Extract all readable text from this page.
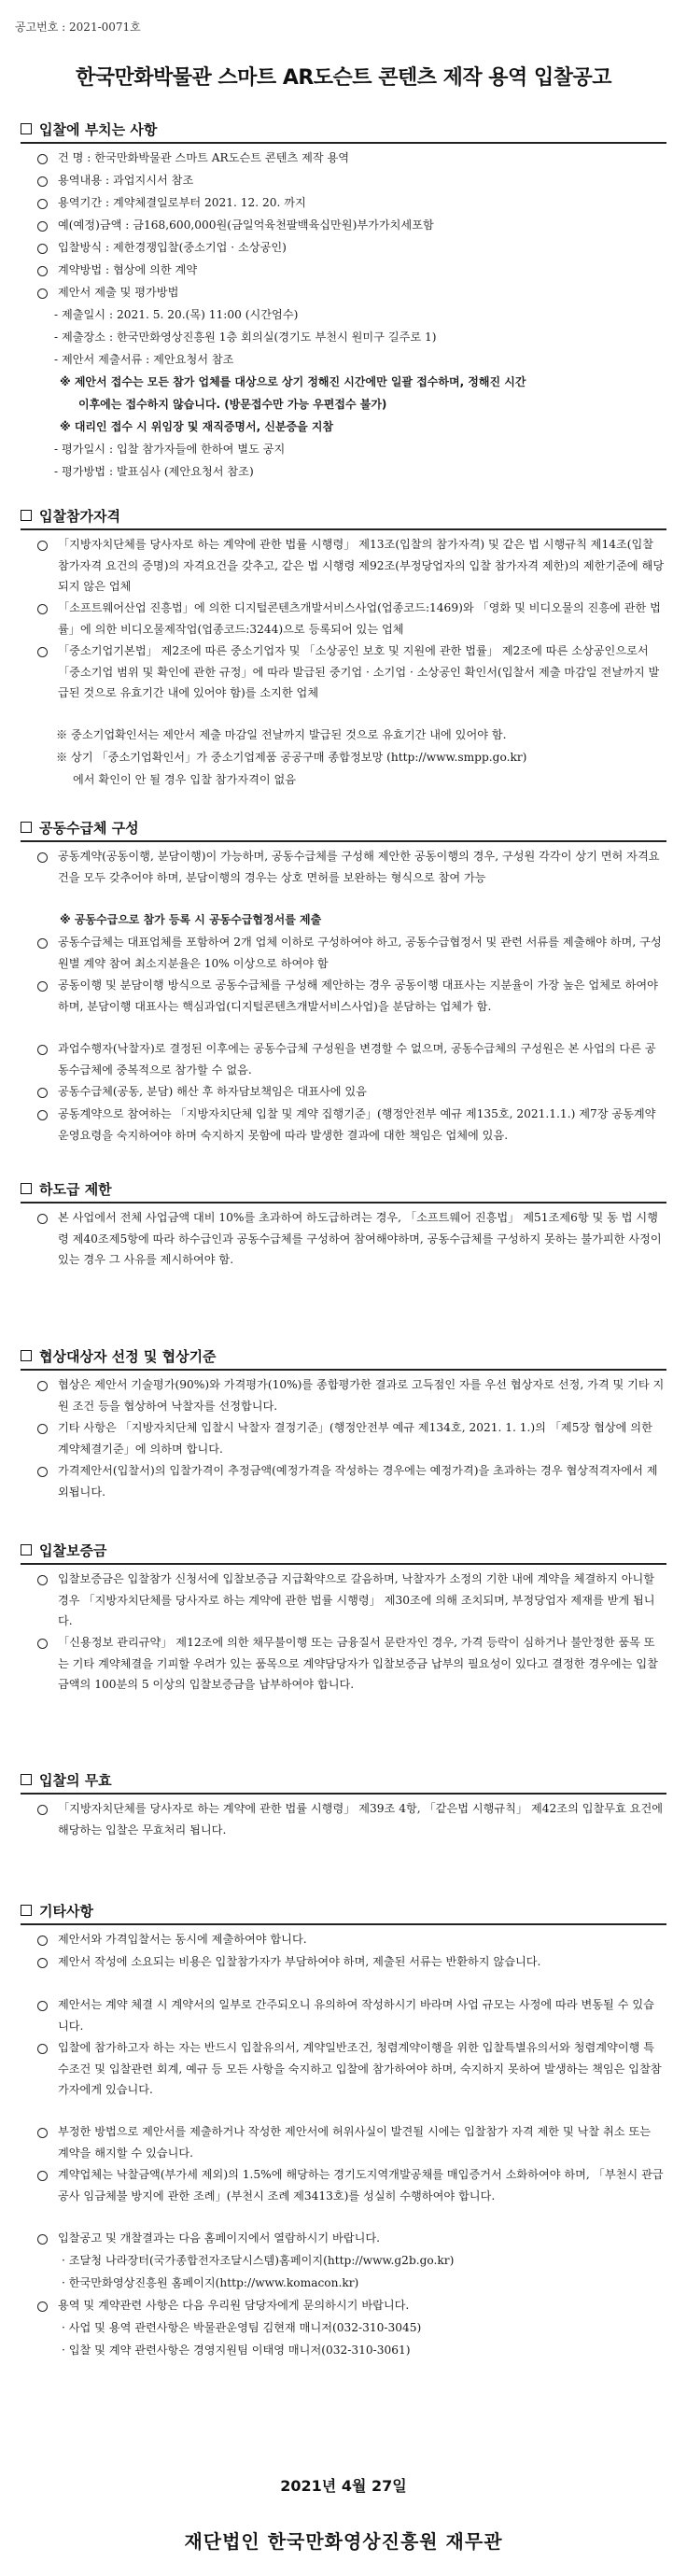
공고번호 : 2021-0071호
한국만화박물관 스마트 AR도슨트 콘텐츠 제작 용역 입찰공고
입찰에 부치는 사항
건 명 : 한국만화박물관 스마트 AR도슨트 콘텐츠 제작 용역
용역내용 : 과업지시서 참조
용역기간 : 계약체결일로부터 2021. 12. 20. 까지
예(예정)금액 : 금168,600,000원(금일억육천팔백육십만원)부가가치세포함
입찰방식 : 제한경쟁입찰(중소기업 · 소상공인)
계약방법 : 협상에 의한 계약
제안서 제출 및 평가방법
- 제출일시 : 2021. 5. 20.(목) 11:00 (시간엄수)
- 제출장소 : 한국만화영상진흥원 1층 회의실(경기도 부천시 원미구 길주로 1)
- 제안서 제출서류 : 제안요청서 참조
※ 제안서 접수는 모든 참가 업체를 대상으로 상기 정해진 시간에만 일괄 접수하며, 정해진 시간
이후에는 접수하지 않습니다. (방문접수만 가능 우편접수 불가)
※ 대리인 접수 시 위임장 및 재직증명서, 신분증을 지참
- 평가일시 : 입찰 참가자들에 한하여 별도 공지
- 평가방법 : 발표심사 (제안요청서 참조)
입찰참가자격
「지방자치단체를 당사자로 하는 계약에 관한 법률 시행령」 제13조(입찰의 참가자격) 및 같은 법 시행규칙 제14조(입찰 참가자격 요건의 증명)의 자격요건을 갖추고, 같은 법 시행령 제92조(부정당업자의 입찰 참가자격 제한)의 제한기준에 해당되지 않은 업체
「소프트웨어산업 진흥법」에 의한 디지털콘텐츠개발서비스사업(업종코드:1469)와 「영화 및 비디오물의 진흥에 관한 법률」에 의한 비디오물제작업(업종코드:3244)으로 등록되어 있는 업체
「중소기업기본법」 제2조에 따른 중소기업자 및 「소상공인 보호 및 지원에 관한 법률」 제2조에 따른 소상공인으로서 「중소기업 범위 및 확인에 관한 규정」에 따라 발급된 중기업 · 소기업 · 소상공인 확인서(입찰서 제출 마감일 전날까지 발급된 것으로 유효기간 내에 있어야 함)를 소지한 업체
※ 중소기업확인서는 제안서 제출 마감일 전날까지 발급된 것으로 유효기간 내에 있어야 함.
※ 상기 「중소기업확인서」가 중소기업제품 공공구매 종합정보망 (http://www.smpp.go.kr)
에서 확인이 안 될 경우 입찰 참가자격이 없음
공동수급체 구성
공동계약(공동이행, 분담이행)이 가능하며, 공동수급체를 구성해 제안한 공동이행의 경우, 구성원 각각이 상기 면허 자격요건을 모두 갖추어야 하며, 분담이행의 경우는 상호 면허를 보완하는 형식으로 참여 가능
※ 공동수급으로 참가 등록 시 공동수급협정서를 제출
공동수급체는 대표업체를 포함하여 2개 업체 이하로 구성하여야 하고, 공동수급협정서 및 관련 서류를 제출해야 하며, 구성원별 계약 참여 최소지분율은 10% 이상으로 하여야 함
공동이행 및 분담이행 방식으로 공동수급체를 구성해 제안하는 경우 공동이행 대표사는 지분율이 가장 높은 업체로 하여야 하며, 분담이행 대표사는 핵심과업(디지털콘텐츠개발서비스사업)을 분담하는 업체가 함.
과업수행자(낙찰자)로 결정된 이후에는 공동수급체 구성원을 변경할 수 없으며, 공동수급체의 구성원은 본 사업의 다른 공동수급체에 중복적으로 참가할 수 없음.
공동수급체(공동, 분담) 해산 후 하자담보책임은 대표사에 있음
공동계약으로 참여하는 「지방자치단체 입찰 및 계약 집행기준」(행정안전부 예규 제135호, 2021.1.1.) 제7장 공동계약 운영요령을 숙지하여야 하며 숙지하지 못함에 따라 발생한 결과에 대한 책임은 업체에 있음.
하도급 제한
본 사업에서 전체 사업금액 대비 10%를 초과하여 하도급하려는 경우, 「소프트웨어 진흥법」 제51조제6항 및 동 법 시행령 제40조제5항에 따라 하수급인과 공동수급체를 구성하여 참여해야하며, 공동수급체를 구성하지 못하는 불가피한 사정이 있는 경우 그 사유를 제시하여야 함.
협상대상자 선정 및 협상기준
협상은 제안서 기술평가(90%)와 가격평가(10%)를 종합평가한 결과로 고득점인 자를 우선 협상자로 선정, 가격 및 기타 지원 조건 등을 협상하여 낙찰자를 선정합니다.
기타 사항은 「지방자치단체 입찰시 낙찰자 결정기준」(행정안전부 예규 제134호, 2021. 1. 1.)의 「제5장 협상에 의한 계약체결기준」에 의하며 합니다.
가격제안서(입찰서)의 입찰가격이 추정금액(예정가격을 작성하는 경우에는 예정가격)을 초과하는 경우 협상적격자에서 제외됩니다.
입찰보증금
입찰보증금은 입찰참가 신청서에 입찰보증금 지급확약으로 갈음하며, 낙찰자가 소정의 기한 내에 계약을 체결하지 아니할 경우 「지방자치단체를 당사자로 하는 계약에 관한 법률 시행령」 제30조에 의해 조치되며, 부정당업자 제재를 받게 됩니다.
「신용정보 관리규약」 제12조에 의한 채무불이행 또는 금융질서 문란자인 경우, 가격 등락이 심하거나 불안정한 품목 또는 기타 계약체결을 기피할 우려가 있는 품목으로 계약담당자가 입찰보증금 납부의 필요성이 있다고 결정한 경우에는 입찰금액의 100분의 5 이상의 입찰보증금을 납부하여야 합니다.
입찰의 무효
「지방자치단체를 당사자로 하는 계약에 관한 법률 시행령」 제39조 4항, 「같은법 시행규칙」 제42조의 입찰무효 요건에 해당하는 입찰은 무효처리 됩니다.
기타사항
제안서와 가격입찰서는 동시에 제출하여야 합니다.
제안서 작성에 소요되는 비용은 입찰참가자가 부담하여야 하며, 제출된 서류는 반환하지 않습니다.
제안서는 계약 체결 시 계약서의 일부로 간주되오니 유의하여 작성하시기 바라며 사업 규모는 사정에 따라 변동될 수 있습니다.
입찰에 참가하고자 하는 자는 반드시 입찰유의서, 계약일반조건, 청렴계약이행을 위한 입찰특별유의서와 청렴계약이행 특수조건 및 입찰관련 회계, 예규 등 모든 사항을 숙지하고 입찰에 참가하여야 하며, 숙지하지 못하여 발생하는 책임은 입찰참가자에게 있습니다.
부정한 방법으로 제안서를 제출하거나 작성한 제안서에 허위사실이 발견될 시에는 입찰참가 자격 제한 및 낙찰 취소 또는 계약을 해지할 수 있습니다.
계약업체는 낙찰금액(부가세 제외)의 1.5%에 해당하는 경기도지역개발공채를 매입증거서 소화하여야 하며, 「부천시 관급공사 임금체불 방지에 관한 조례」(부천시 조례 제3413호)를 성실히 수행하여야 합니다.
입찰공고 및 개찰결과는 다음 홈페이지에서 열람하시기 바랍니다.
· 조달청 나라장터(국가종합전자조달시스템)홈페이지(http://www.g2b.go.kr)
· 한국만화영상진흥원 홈페이지(http://www.komacon.kr)
용역 및 계약관련 사항은 다음 우리원 담당자에게 문의하시기 바랍니다.
· 사업 및 용역 관련사항은 박물관운영팀 김현재 매니저(032-310-3045)
· 입찰 및 계약 관련사항은 경영지원팀 이태영 매니저(032-310-3061)
2021년 4월 27일
재단법인 한국만화영상진흥원 재무관
